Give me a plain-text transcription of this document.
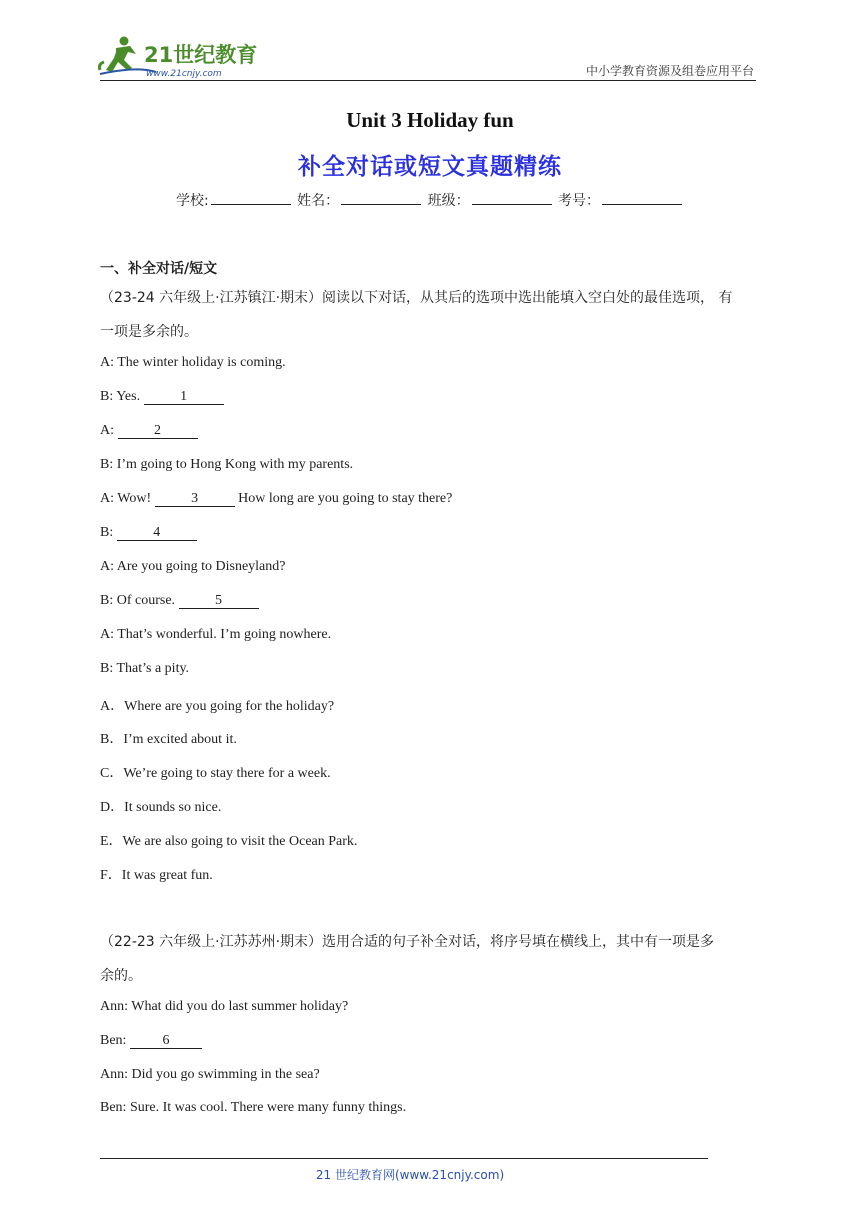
21世纪教育
www.21cnjy.com	中小学教育资源及组卷应用平台
Unit 3 Holiday fun
补全对话或短文真题精练
学校:	姓名：	班级：	考号：
一、补全对话/短文
（23-24 六年级上·江苏镇江·期末）阅读以下对话，从其后的选项中选出能填入空白处的最佳选项， 有
一项是多余的。
A: The winter holiday is coming.
B: Yes.	1
A:	2
B: I’m going to Hong Kong with my parents.
A: Wow!	3	How long are you going to stay there?
B:	4
A: Are you going to Disneyland?
B: Of course.	5
A: That’s wonderful. I’m going nowhere.
B: That’s a pity.
A．Where are you going for the holiday?
B．I’m excited about it.
C．We’re going to stay there for a week.
D．It sounds so nice.
E．We are also going to visit the Ocean Park.
F．It was great fun.
（22-23 六年级上·江苏苏州·期末）选用合适的句子补全对话，将序号填在横线上，其中有一项是多
余的。
Ann: What did you do last summer holiday?
Ben: 6
Ann: Did you go swimming in the sea?
Ben: Sure. It was cool. There were many funny things.
21 世纪教育网(www.21cnjy.com)
